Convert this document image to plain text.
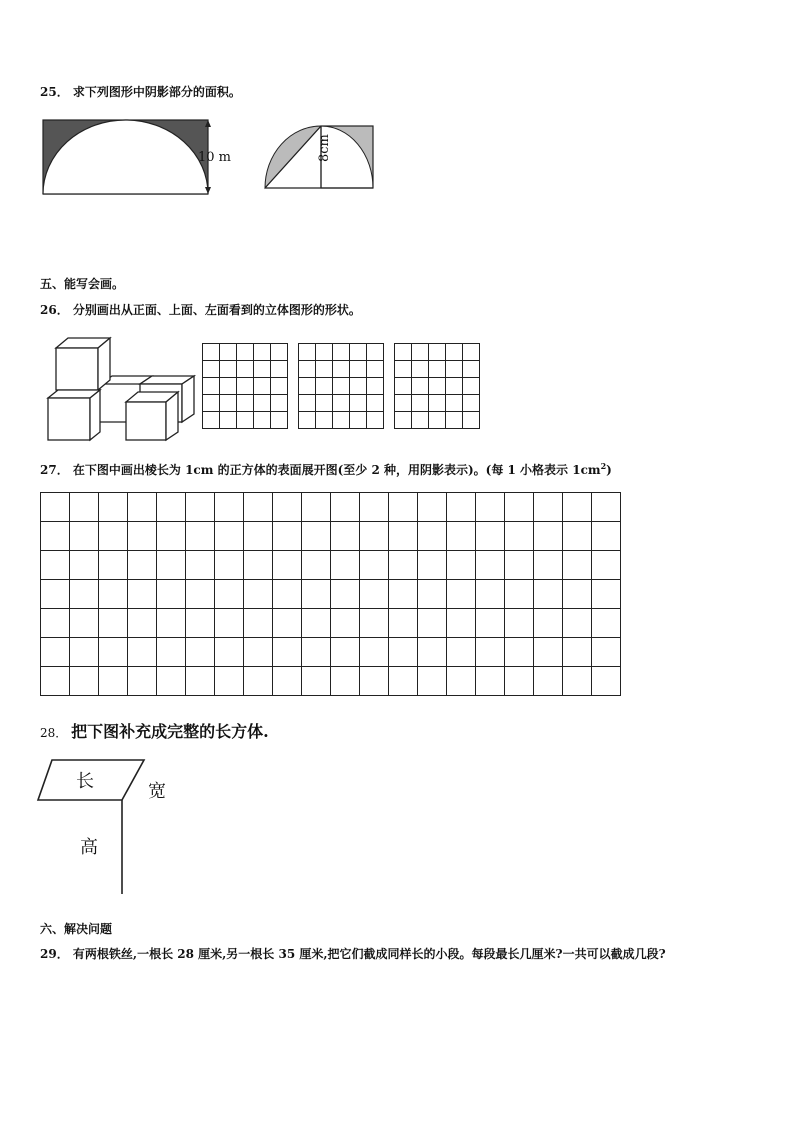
25． 求下列图形中阴影部分的面积。
10 m	8cm
五、能写会画。
26． 分别画出从正面、上面、左面看到的立体图形的形状。

27． 在下图中画出棱长为 1cm 的正方体的表面展开图(至少 2 种，用阴影表示)。(每 1 小格表示 $1cm^2$)

28． 把下图补充成完整的长方体.
长	宽
高
六、解决问题
29． 有两根铁丝,一根长 28 厘米,另一根长 35 厘米,把它们截成同样长的小段。每段最长几厘米?一共可以截成几段?
